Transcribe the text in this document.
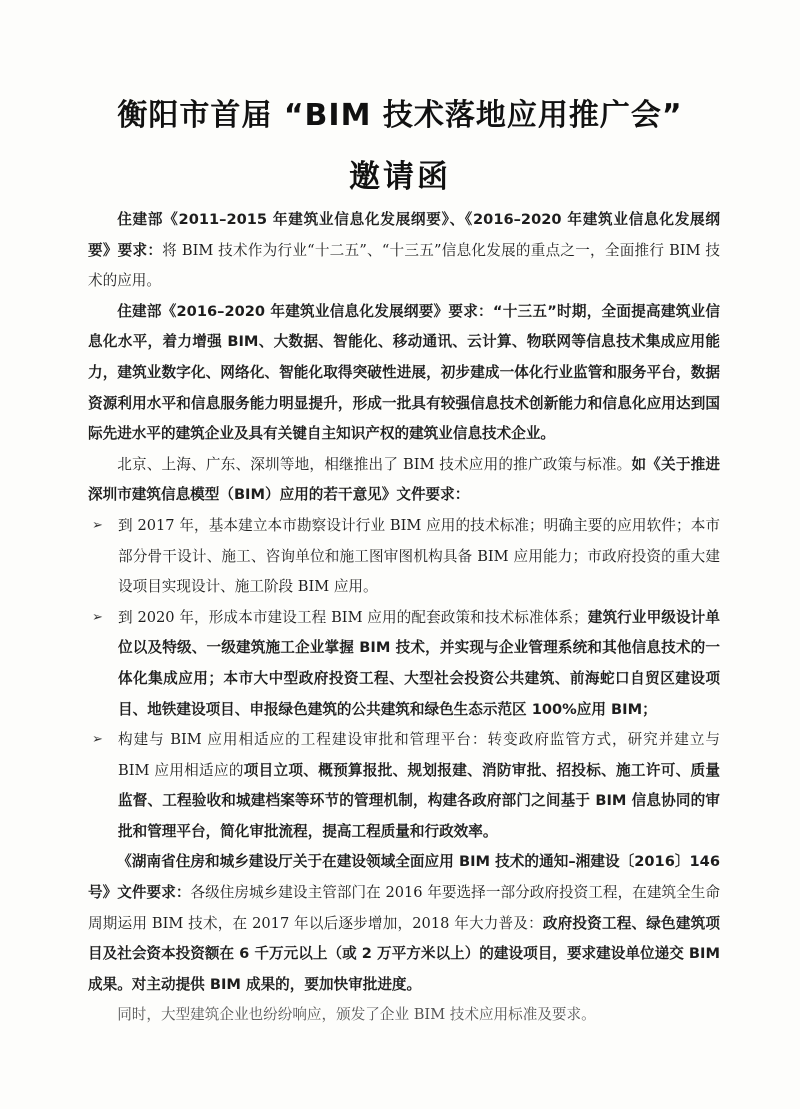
衡阳市首届 “BIM 技术落地应用推广会”
邀请函

住建部《2011–2015 年建筑业信息化发展纲要》、《2016–2020 年建筑业信息化发展纲要》要求：将 BIM 技术作为行业“十二五”、“十三五”信息化发展的重点之一，全面推行 BIM 技术的应用。

住建部《2016–2020 年建筑业信息化发展纲要》要求：“十三五”时期，全面提高建筑业信息化水平，着力增强 BIM、大数据、智能化、移动通讯、云计算、物联网等信息技术集成应用能力，建筑业数字化、网络化、智能化取得突破性进展，初步建成一体化行业监管和服务平台，数据资源利用水平和信息服务能力明显提升，形成一批具有较强信息技术创新能力和信息化应用达到国际先进水平的建筑企业及具有关键自主知识产权的建筑业信息技术企业。

北京、上海、广东、深圳等地，相继推出了 BIM 技术应用的推广政策与标准。如《关于推进深圳市建筑信息模型（BIM）应用的若干意见》文件要求：

➢ 到 2017 年，基本建立本市勘察设计行业 BIM 应用的技术标准；明确主要的应用软件；本市部分骨干设计、施工、咨询单位和施工图审图机构具备 BIM 应用能力；市政府投资的重大建设项目实现设计、施工阶段 BIM 应用。

➢ 到 2020 年，形成本市建设工程 BIM 应用的配套政策和技术标准体系；建筑行业甲级设计单位以及特级、一级建筑施工企业掌握 BIM 技术，并实现与企业管理系统和其他信息技术的一体化集成应用；本市大中型政府投资工程、大型社会投资公共建筑、前海蛇口自贸区建设项目、地铁建设项目、申报绿色建筑的公共建筑和绿色生态示范区 100%应用 BIM；

➢ 构建与 BIM 应用相适应的工程建设审批和管理平台：转变政府监管方式，研究并建立与 BIM 应用相适应的项目立项、概预算报批、规划报建、消防审批、招投标、施工许可、质量监督、工程验收和城建档案等环节的管理机制，构建各政府部门之间基于 BIM 信息协同的审批和管理平台，简化审批流程，提高工程质量和行政效率。

《湖南省住房和城乡建设厅关于在建设领域全面应用 BIM 技术的通知–湘建设〔2016〕146 号》文件要求：各级住房城乡建设主管部门在 2016 年要选择一部分政府投资工程，在建筑全生命周期运用 BIM 技术，在 2017 年以后逐步增加，2018 年大力普及：政府投资工程、绿色建筑项目及社会资本投资额在 6 千万元以上（或 2 万平方米以上）的建设项目，要求建设单位递交 BIM 成果。对主动提供 BIM 成果的，要加快审批进度。

同时，大型建筑企业也纷纷响应，颁发了企业 BIM 技术应用标准及要求。
